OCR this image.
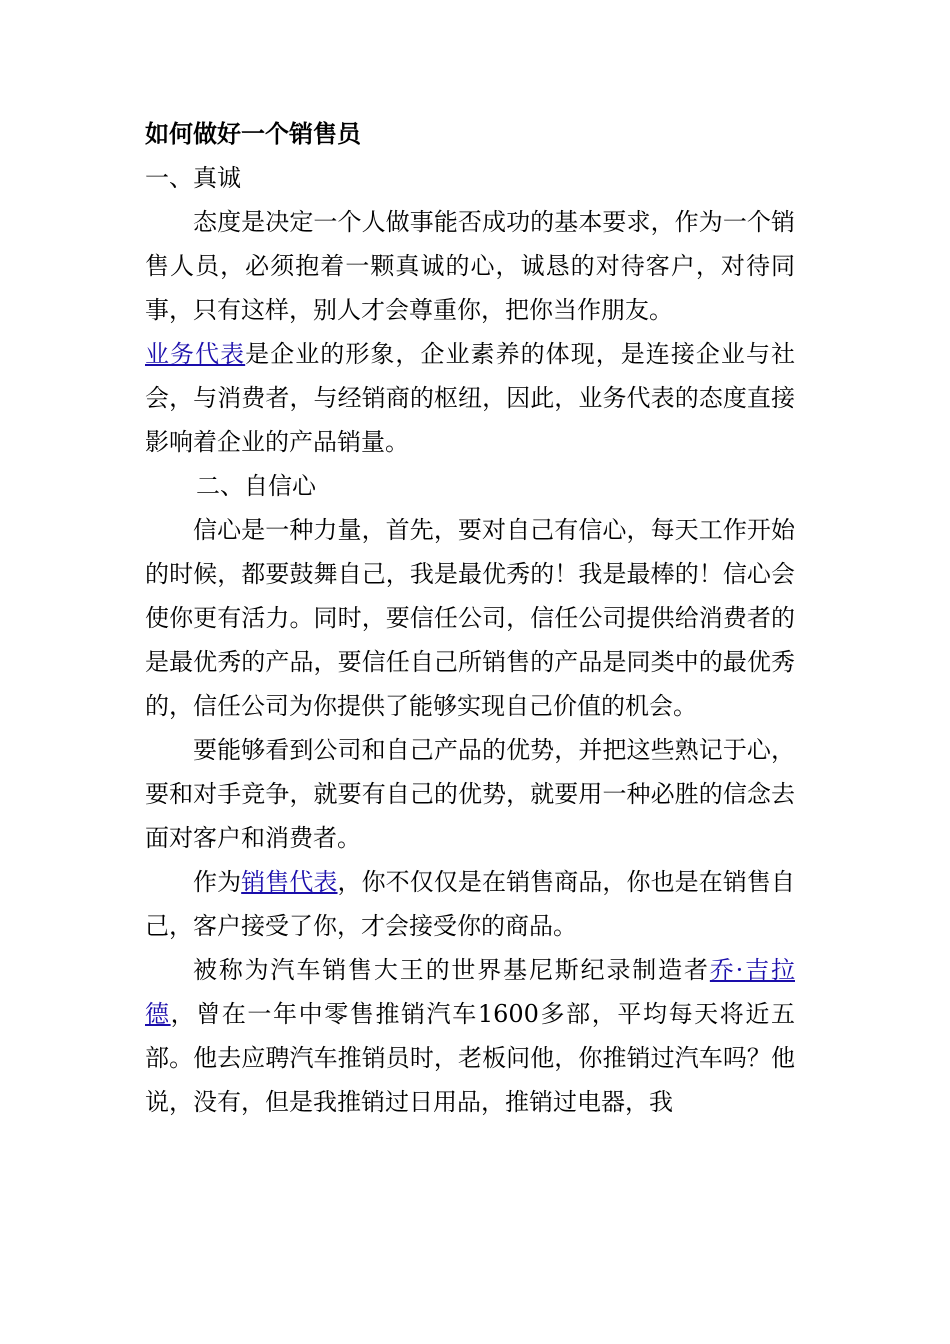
如何做好一个销售员
一、真诚

态度是决定一个人做事能否成功的基本要求，作为一个销售人员，必须抱着一颗真诚的心，诚恳的对待客户，对待同事，只有这样，别人才会尊重你，把你当作朋友。

业务代表是企业的形象，企业素养的体现，是连接企业与社会，与消费者，与经销商的枢纽，因此，业务代表的态度直接影响着企业的产品销量。

二、自信心

信心是一种力量，首先，要对自己有信心，每天工作开始的时候，都要鼓舞自己，我是最优秀的！我是最棒的！信心会使你更有活力。同时，要信任公司，信任公司提供给消费者的是最优秀的产品，要信任自己所销售的产品是同类中的最优秀的，信任公司为你提供了能够实现自己价值的机会。

要能够看到公司和自己产品的优势，并把这些熟记于心，要和对手竞争，就要有自己的优势，就要用一种必胜的信念去面对客户和消费者。

作为销售代表，你不仅仅是在销售商品，你也是在销售自己，客户接受了你，才会接受你的商品。

被称为汽车销售大王的世界基尼斯纪录制造者乔·吉拉德，曾在一年中零售推销汽车1600多部，平均每天将近五部。他去应聘汽车推销员时，老板问他，你推销过汽车吗？他说，没有，但是我推销过日用品，推销过电器，我
